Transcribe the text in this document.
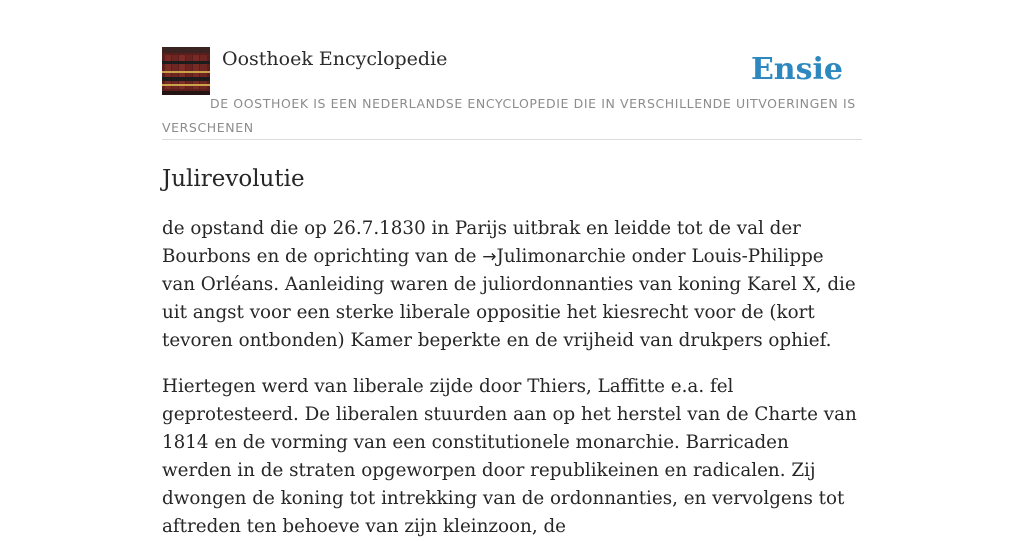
Oosthoek Encyclopedie	Ensie
DE OOSTHOEK IS EEN NEDERLANDSE ENCYCLOPEDIE DIE IN VERSCHILLENDE UITVOERINGEN IS VERSCHENEN
Julirevolutie

de opstand die op 26.7.1830 in Parijs uitbrak en leidde tot de val der Bourbons en de oprichting van de →Julimonarchie onder Louis-Philippe van Orléans. Aanleiding waren de juliordonnanties van koning Karel X, die uit angst voor een sterke liberale oppositie het kiesrecht voor de (kort tevoren ontbonden) Kamer beperkte en de vrijheid van drukpers ophief.

Hiertegen werd van liberale zijde door Thiers, Laffitte e.a. fel geprotesteerd. De liberalen stuurden aan op het herstel van de Charte van 1814 en de vorming van een constitutionele monarchie. Barricaden werden in de straten opgeworpen door republikeinen en radicalen. Zij dwongen de koning tot intrekking van de ordonnanties, en vervolgens tot aftreden ten behoeve van zijn kleinzoon, de
